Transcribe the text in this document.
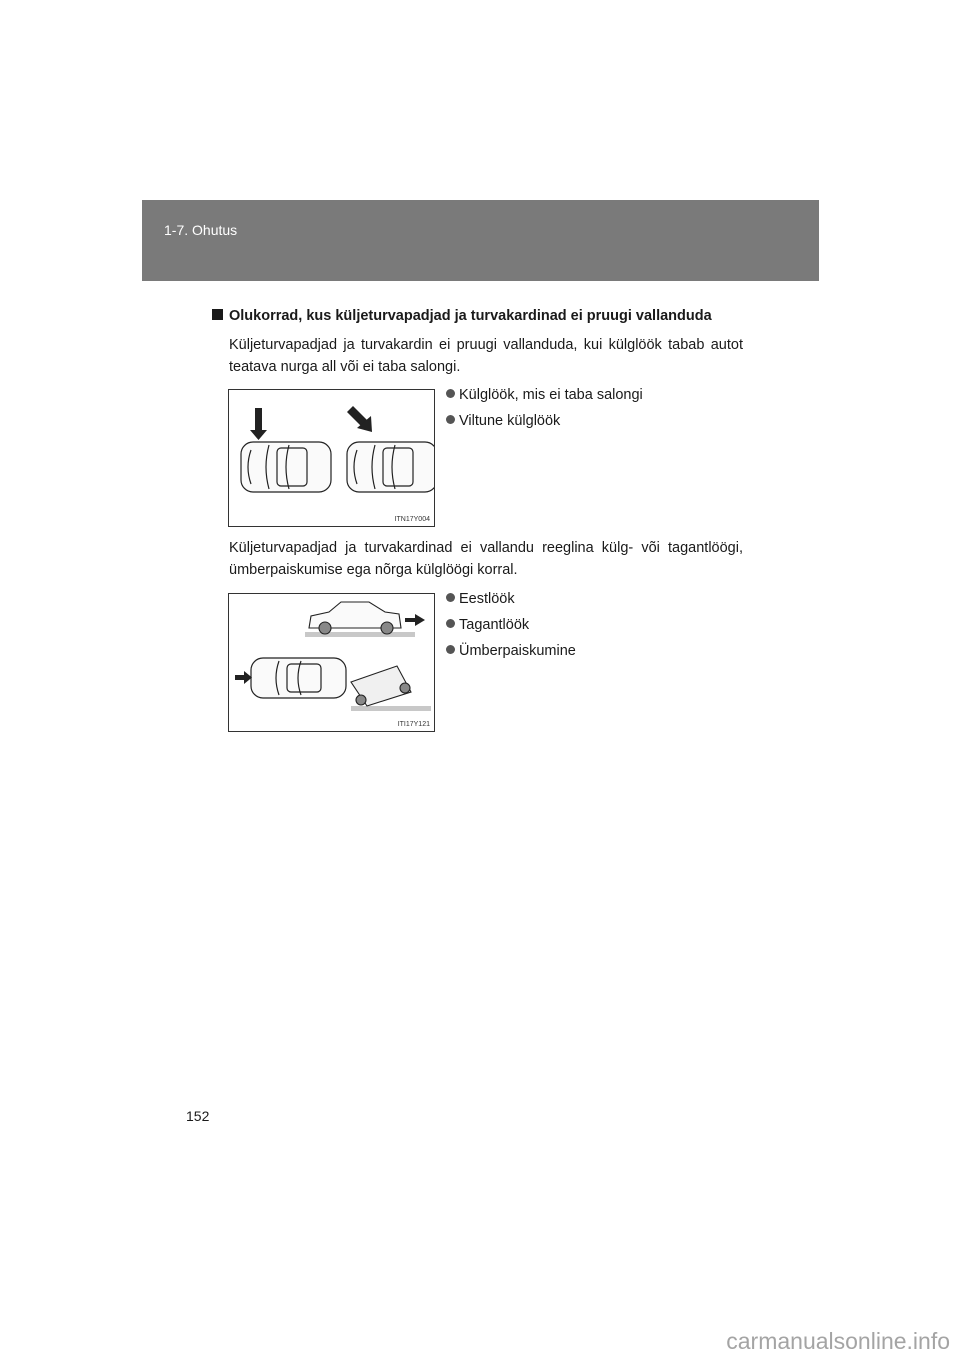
1-7. Ohutus
Olukorrad, kus küljeturvapadjad ja turvakardinad ei pruugi vallanduda

Küljeturvapadjad ja turvakardin ei pruugi vallanduda, kui külglöök tabab autot teatava nurga all või ei taba salongi.

ITN17Y004
Külglöök, mis ei taba salongi
Viltune külglöök

Küljeturvapadjad ja turvakardinad ei vallandu reeglina külg- või tagantlöögi, ümberpaiskumise ega nõrga külglöögi korral.

ITI17Y121
Eestlöök
Tagantlöök
Ümberpaiskumine
152
carmanualsonline.info
